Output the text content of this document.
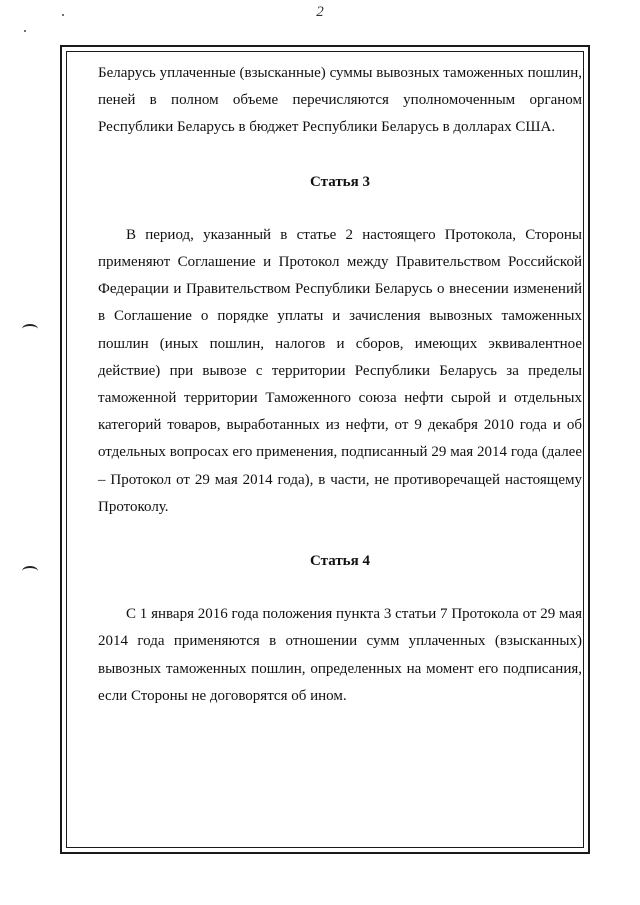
2

Беларусь уплаченные (взысканные) суммы вывозных таможенных пошлин, пеней в полном объеме перечисляются уполномоченным органом Республики Беларусь в бюджет Республики Беларусь в долларах США.

Статья 3

В период, указанный в статье 2 настоящего Протокола, Стороны применяют Соглашение и Протокол между Правительством Российской Федерации и Правительством Республики Беларусь о внесении изменений в Соглашение о порядке уплаты и зачисления вывозных таможенных пошлин (иных пошлин, налогов и сборов, имеющих эквивалентное действие) при вывозе с территории Республики Беларусь за пределы таможенной территории Таможенного союза нефти сырой и отдельных категорий товаров, выработанных из нефти, от 9 декабря 2010 года и об отдельных вопросах его применения, подписанный 29 мая 2014 года (далее – Протокол от 29 мая 2014 года), в части, не противоречащей настоящему Протоколу.

Статья 4

С 1 января 2016 года положения пункта 3 статьи 7 Протокола от 29 мая 2014 года применяются в отношении сумм уплаченных (взысканных) вывозных таможенных пошлин, определенных на момент его подписания, если Стороны не договорятся об ином.
